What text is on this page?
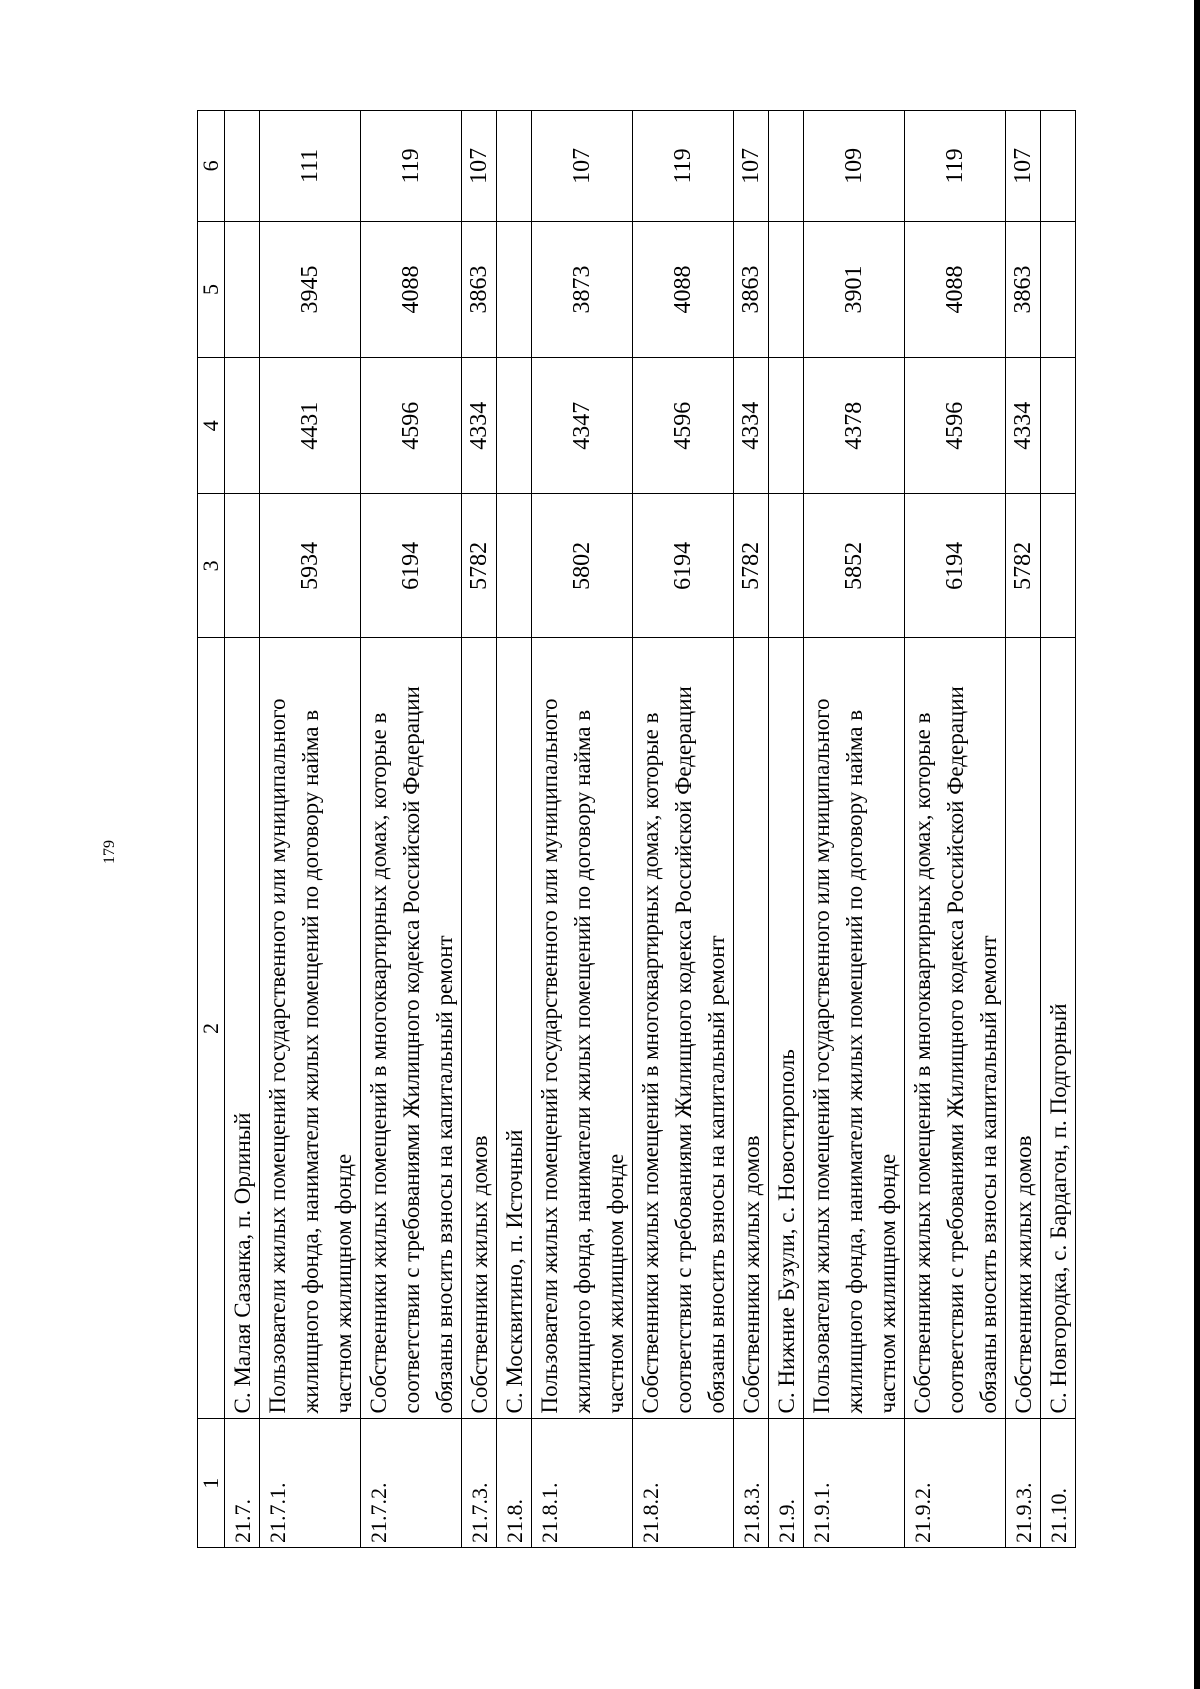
179
1	2	3	4	5	6
21.7.	С. Малая Сазанка, п. Орлиный				
21.7.1.	Пользователи жилых помещений государственного или муниципального жилищного фонда, наниматели жилых помещений по договору найма в частном жилищном фонде	5934	4431	3945	111
21.7.2.	Собственники жилых помещений в многоквартирных домах, которые в соответствии с требованиями Жилищного кодекса Российской Федерации обязаны вносить взносы на капитальный ремонт	6194	4596	4088	119
21.7.3.	Собственники жилых домов	5782	4334	3863	107
21.8.	С. Москвитино, п. Источный				
21.8.1.	Пользователи жилых помещений государственного или муниципального жилищного фонда, наниматели жилых помещений по договору найма в частном жилищном фонде	5802	4347	3873	107
21.8.2.	Собственники жилых помещений в многоквартирных домах, которые в соответствии с требованиями Жилищного кодекса Российской Федерации обязаны вносить взносы на капитальный ремонт	6194	4596	4088	119
21.8.3.	Собственники жилых домов	5782	4334	3863	107
21.9.	С. Нижние Бузули, с. Новостирополь				
21.9.1.	Пользователи жилых помещений государственного или муниципального жилищного фонда, наниматели жилых помещений по договору найма в частном жилищном фонде	5852	4378	3901	109
21.9.2.	Собственники жилых помещений в многоквартирных домах, которые в соответствии с требованиями Жилищного кодекса Российской Федерации обязаны вносить взносы на капитальный ремонт	6194	4596	4088	119
21.9.3.	Собственники жилых домов	5782	4334	3863	107
21.10.	С. Новгородка, с. Бардагон, п. Подгорный				
